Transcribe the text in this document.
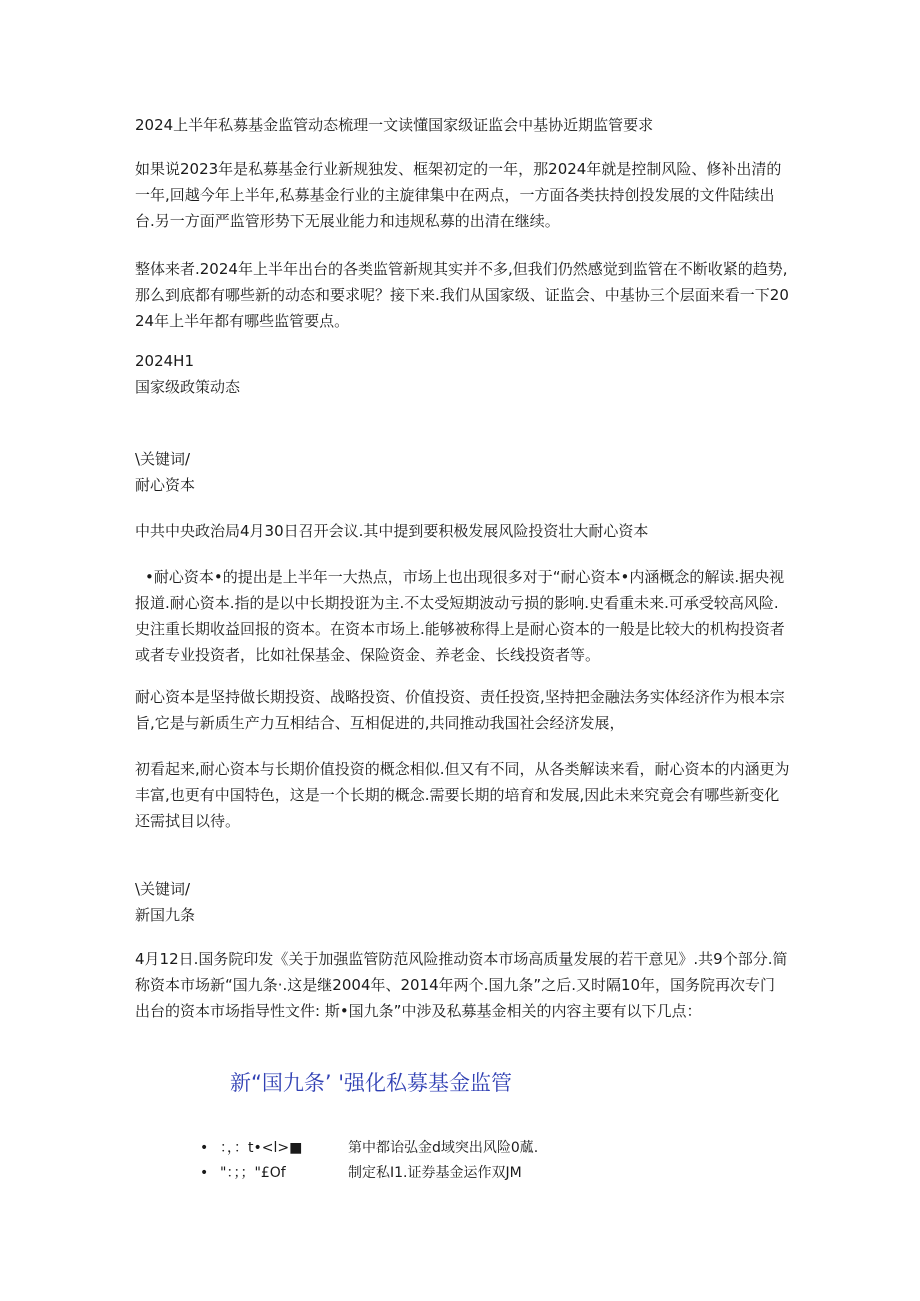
2024上半年私募基金监管动态梳理一文读懂国家级证监会中基协近期监管要求

如果说2023年是私募基金行业新规独发、框架初定的一年，那2024年就是控制风险、修补出清的一年,回越今年上半年,私募基金行业的主旋律集中在两点，一方面各类扶持创投发展的文件陆续出台.另一方面严监管形势下无展业能力和违规私募的出清在继续。

整体来者.2024年上半年出台的各类监管新规其实并不多,但我们仍然感觉到监管在不断收紧的趋势,那么到底都有哪些新的动态和要求呢？接下来.我们从国家级、证监会、中基协三个层面来看一下2024年上半年都有哪些监管要点。

2024H1

国家级政策动态

\关键词/

耐心资本

中共中央政治局4月30日召开会议.其中提到要积极发展风险投资壮大耐心资本

•耐心资本•的提出是上半年一大热点，市场上也出现很多对于“耐心资本•内涵概念的解读.据央视报道.耐心资本.指的是以中长期投诳为主.不太受短期波动亏损的影响.史看重未来.可承受较高风险.史注重长期收益回报的资本。在资本市场上.能够被称得上是耐心资本的一般是比较大的机构投资者或者专业投资者，比如社保基金、保险资金、养老金、长线投资者等。

耐心资本是坚持做长期投资、战略投资、价值投资、责任投资,坚持把金融法务实体经济作为根本宗旨,它是与新质生产力互相结合、互相促进的,共同推动我国社会经济发展，

初看起来,耐心资本与长期价值投资的概念相似.但又有不同，从各类解读来看，耐心资本的内涵更为丰富,也更有中国特色，这是一个长期的概念.需要长期的培育和发展,因此未来究竟会有哪些新变化还需拭目以待。

\关键词/

新国九条

4月12日.国务院印发《关于加强监管防范风险推动资本市场高质量发展的若干意见》.共9个部分.简称资本市场新“国九条·.这是继2004年、2014年两个.国九条”之后.又时隔10年，国务院再次专门出台的资本市场指导性文件: 斯•国九条”中涉及私募基金相关的内容主要有以下几点：

新“国九条’ '强化私募基金监管

• ：，：t•<l>■	第中都诒弘金d域突出风险0蓏.
• "：；；"£Of	制定私I1.证券基金运作双JM
